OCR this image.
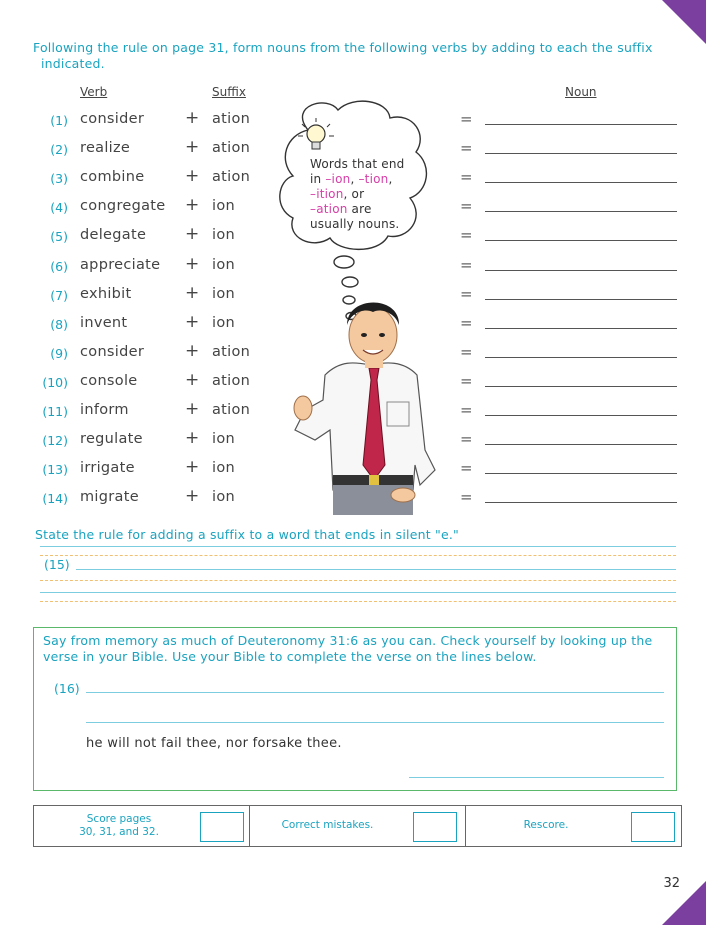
Following the rule on page 31, form nouns from the following verbs by adding to each the suffix
indicated.
Verb	Suffix	Noun
(1) consider + ation	=
(2) realize	+ ation	=
(3) combine + ation	=
(4) congregate + ion	=
(5) delegate + ion	=
(6) appreciate + ion	=
(7) exhibit	+ ion	=
(8) invent	+ ion	=
(9) consider + ation	=
(10) console	+ ation	=
(11) inform	+ ation	=
(12) regulate + ion	=
(13) irrigate	+ ion	=
(14) migrate	+ ion	=
Words that end
in –ion, –tion,
–ition, or
–ation are
usually nouns.
State the rule for adding a suffix to a word that ends in silent "e."
(15)
Say from memory as much of Deuteronomy 31:6 as you can. Check yourself by looking up the verse in your Bible. Use your Bible to complete the verse on the lines below.
(16)
he will not fail thee, nor forsake thee.
Score pages
30, 31, and 32.
Correct mistakes.	Rescore.
32
